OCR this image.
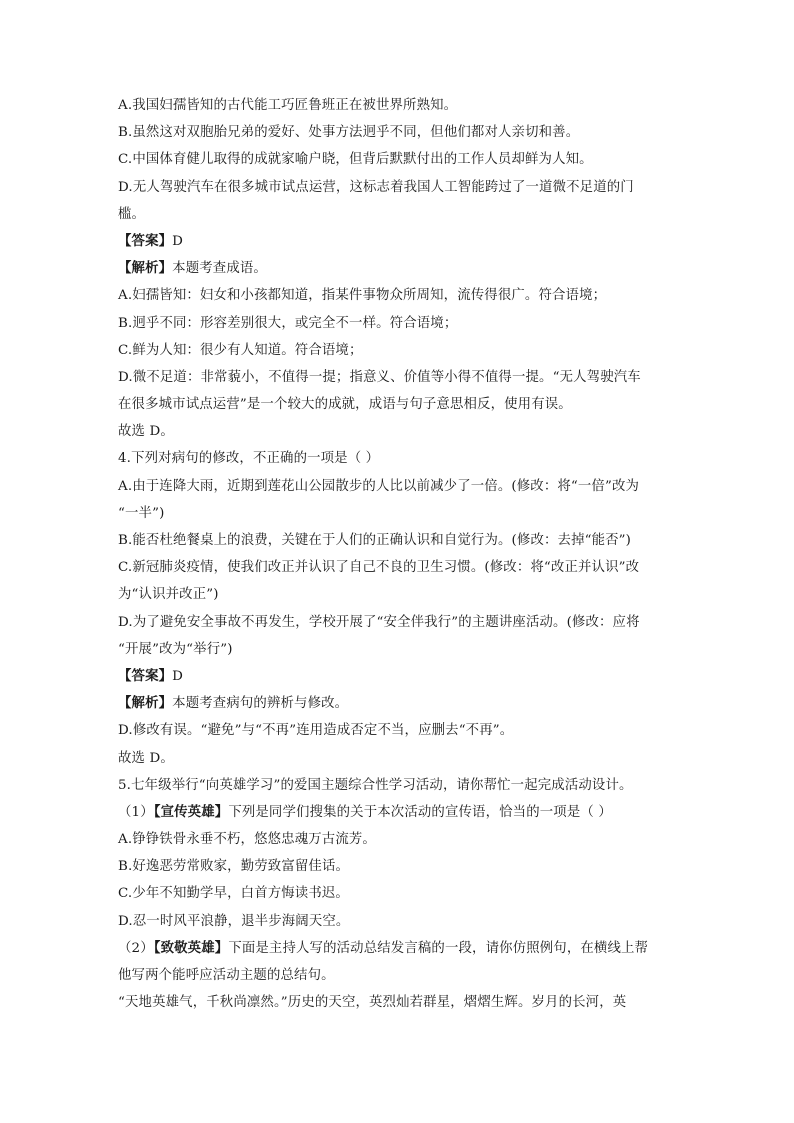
A.我国妇孺皆知的古代能工巧匠鲁班正在被世界所熟知。
B.虽然这对双胞胎兄弟的爱好、处事方法迥乎不同，但他们都对人亲切和善。
C.中国体育健儿取得的成就家喻户晓，但背后默默付出的工作人员却鲜为人知。
D.无人驾驶汽车在很多城市试点运营，这标志着我国人工智能跨过了一道微不足道的门
槛。
【答案】D
【解析】本题考查成语。
A.妇孺皆知：妇女和小孩都知道，指某件事物众所周知，流传得很广。符合语境；
B.迥乎不同：形容差别很大，或完全不一样。符合语境；
C.鲜为人知：很少有人知道。符合语境；
D.微不足道：非常藐小，不值得一提；指意义、价值等小得不值得一提。“无人驾驶汽车
在很多城市试点运营”是一个较大的成就，成语与句子意思相反，使用有误。
故选 D。
4.下列对病句的修改，不正确的一项是（ ）
A.由于连降大雨，近期到莲花山公园散步的人比以前减少了一倍。(修改：将“一倍”改为
“一半”)
B.能否杜绝餐桌上的浪费，关键在于人们的正确认识和自觉行为。(修改：去掉“能否”)
C.新冠肺炎疫情，使我们改正并认识了自己不良的卫生习惯。(修改：将“改正并认识”改
为“认识并改正”)
D.为了避免安全事故不再发生，学校开展了“安全伴我行”的主题讲座活动。(修改：应将
“开展”改为“举行”)
【答案】D
【解析】本题考查病句的辨析与修改。
D.修改有误。“避免”与“不再”连用造成否定不当，应删去“不再”。
故选 D。
5.七年级举行“向英雄学习”的爱国主题综合性学习活动，请你帮忙一起完成活动设计。
（1）【宣传英雄】下列是同学们搜集的关于本次活动的宣传语，恰当的一项是（ ）
A.铮铮铁骨永垂不朽，悠悠忠魂万古流芳。
B.好逸恶劳常败家，勤劳致富留佳话。
C.少年不知勤学早，白首方悔读书迟。
D.忍一时风平浪静，退半步海阔天空。
（2）【致敬英雄】下面是主持人写的活动总结发言稿的一段，请你仿照例句，在横线上帮
他写两个能呼应活动主题的总结句。
“天地英雄气，千秋尚凛然。”历史的天空，英烈灿若群星，熠熠生辉。岁月的长河，英
